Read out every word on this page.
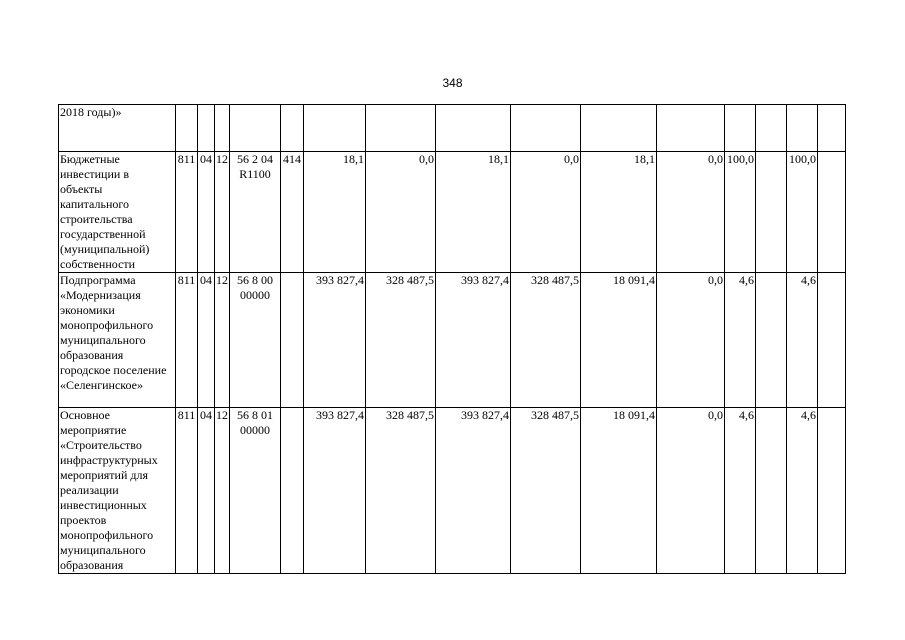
348
2018 годы)»															
Бюджетные инвестиции в объекты капитального строительства государственной (муниципальной) собственности	811	04	12	56 2 04 R1100	414	18,1	0,0	18,1	0,0	18,1	0,0	100,0		100,0	
Подпрограмма «Модернизация экономики монопрофильного муниципального образования городское поселение «Селенгинское»	811	04	12	56 8 00 00000		393 827,4	328 487,5	393 827,4	328 487,5	18 091,4	0,0	4,6		4,6	
Основное мероприятие «Строительство инфраструктурных мероприятий для реализации инвестиционных проектов монопрофильного муниципального образования	811	04	12	56 8 01 00000		393 827,4	328 487,5	393 827,4	328 487,5	18 091,4	0,0	4,6		4,6	
